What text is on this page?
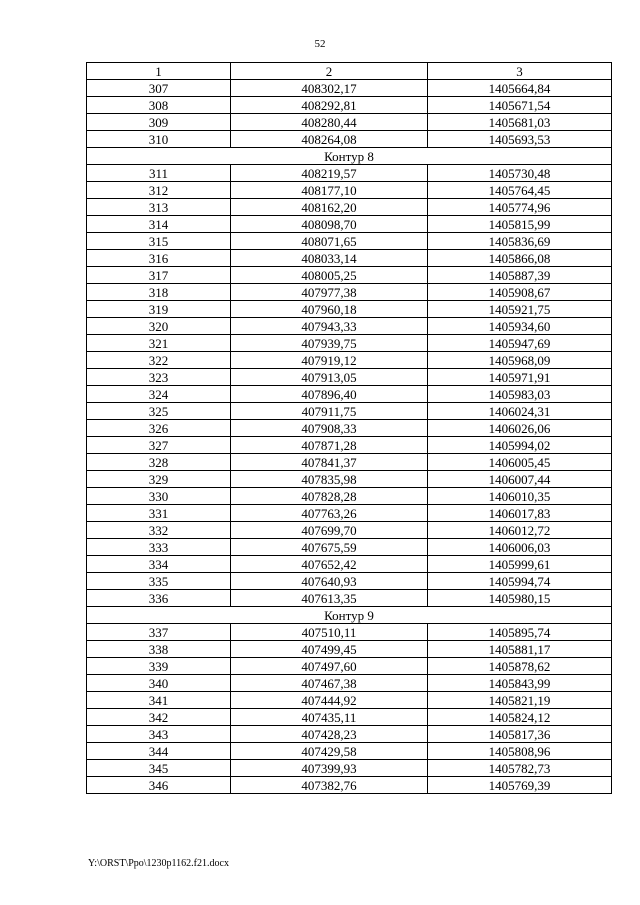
52
1	2	3
307	408302,17	1405664,84
308	408292,81	1405671,54
309	408280,44	1405681,03
310	408264,08	1405693,53
Контур 8		
311	408219,57	1405730,48
312	408177,10	1405764,45
313	408162,20	1405774,96
314	408098,70	1405815,99
315	408071,65	1405836,69
316	408033,14	1405866,08
317	408005,25	1405887,39
318	407977,38	1405908,67
319	407960,18	1405921,75
320	407943,33	1405934,60
321	407939,75	1405947,69
322	407919,12	1405968,09
323	407913,05	1405971,91
324	407896,40	1405983,03
325	407911,75	1406024,31
326	407908,33	1406026,06
327	407871,28	1405994,02
328	407841,37	1406005,45
329	407835,98	1406007,44
330	407828,28	1406010,35
331	407763,26	1406017,83
332	407699,70	1406012,72
333	407675,59	1406006,03
334	407652,42	1405999,61
335	407640,93	1405994,74
336	407613,35	1405980,15
Контур 9		
337	407510,11	1405895,74
338	407499,45	1405881,17
339	407497,60	1405878,62
340	407467,38	1405843,99
341	407444,92	1405821,19
342	407435,11	1405824,12
343	407428,23	1405817,36
344	407429,58	1405808,96
345	407399,93	1405782,73
346	407382,76	1405769,39
Y:\ORST\Ppo\1230p1162.f21.docx
